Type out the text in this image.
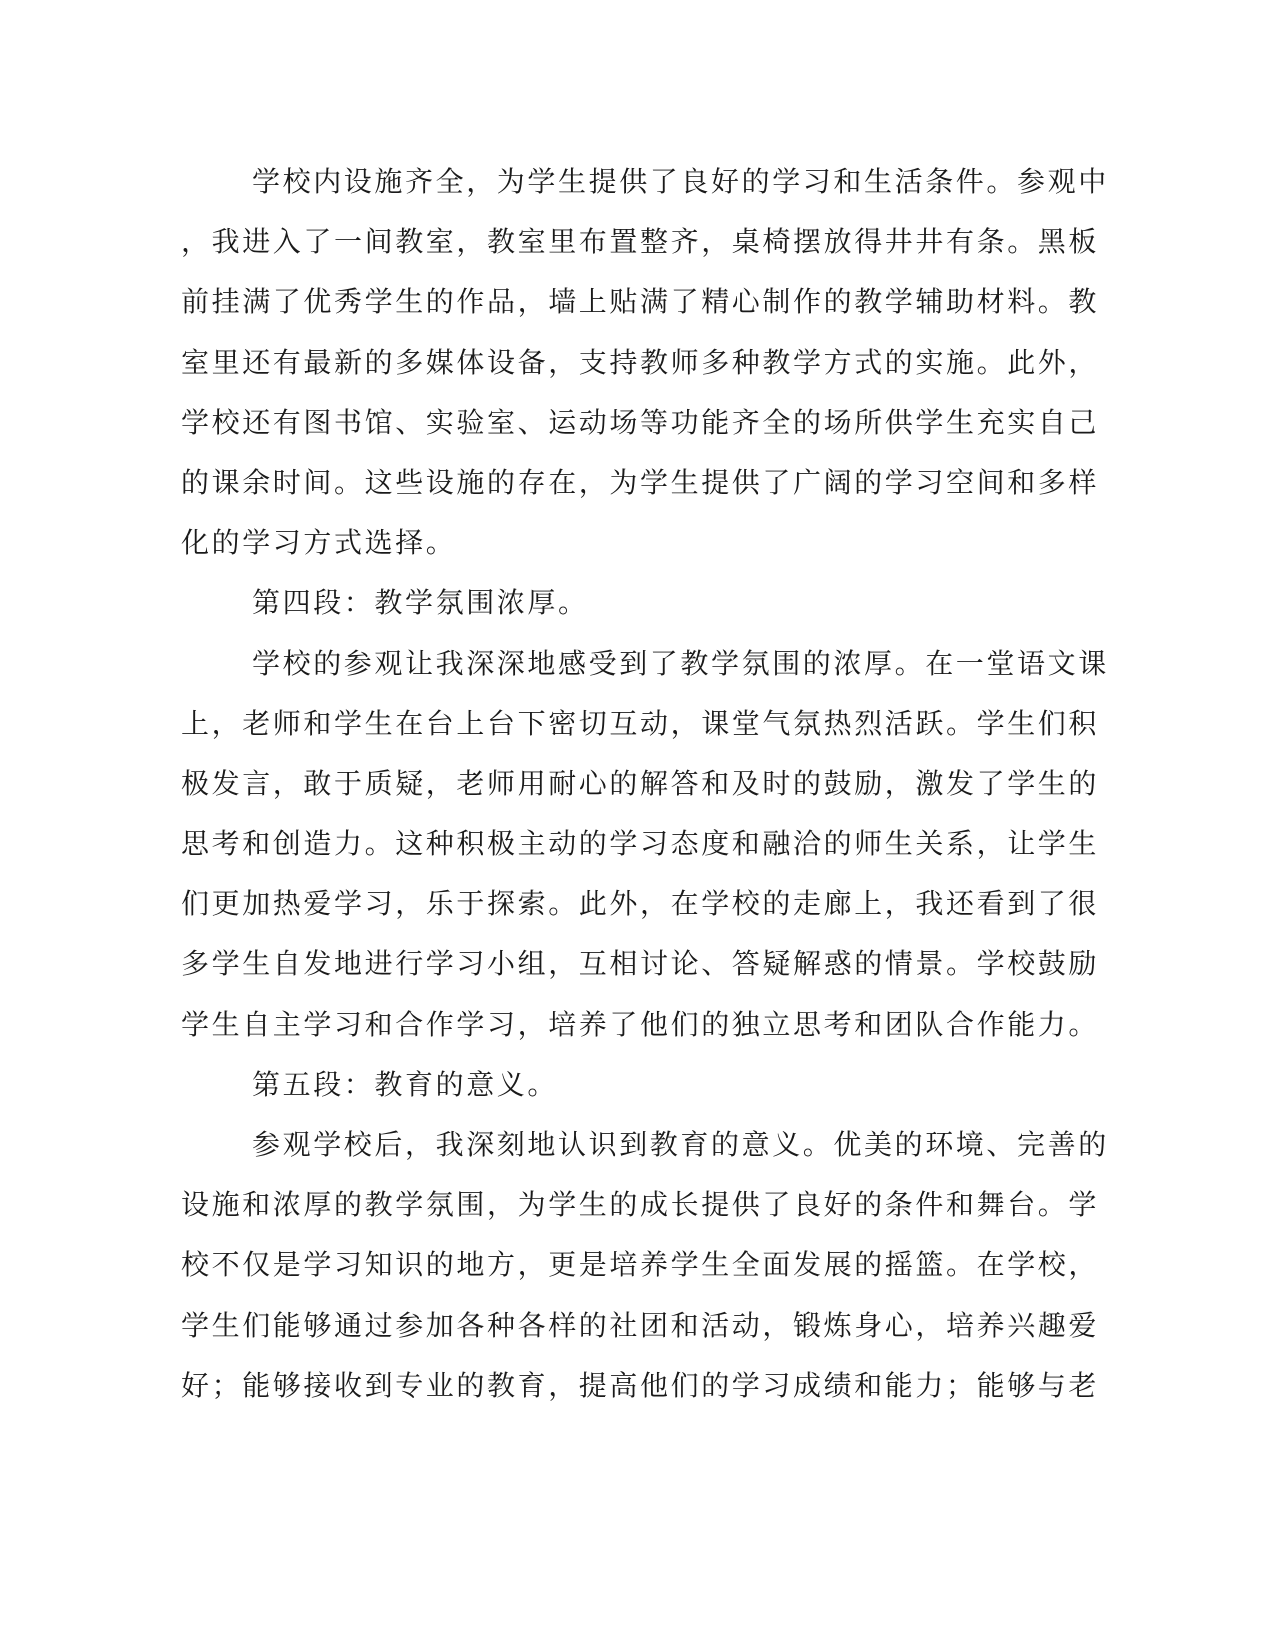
学校内设施齐全，为学生提供了良好的学习和生活条件。参观中
，我进入了一间教室，教室里布置整齐，桌椅摆放得井井有条。黑板
前挂满了优秀学生的作品，墙上贴满了精心制作的教学辅助材料。教
室里还有最新的多媒体设备，支持教师多种教学方式的实施。此外，
学校还有图书馆、实验室、运动场等功能齐全的场所供学生充实自己
的课余时间。这些设施的存在，为学生提供了广阔的学习空间和多样
化的学习方式选择。
第四段：教学氛围浓厚。
学校的参观让我深深地感受到了教学氛围的浓厚。在一堂语文课
上，老师和学生在台上台下密切互动，课堂气氛热烈活跃。学生们积
极发言，敢于质疑，老师用耐心的解答和及时的鼓励，激发了学生的
思考和创造力。这种积极主动的学习态度和融洽的师生关系，让学生
们更加热爱学习，乐于探索。此外，在学校的走廊上，我还看到了很
多学生自发地进行学习小组，互相讨论、答疑解惑的情景。学校鼓励
学生自主学习和合作学习，培养了他们的独立思考和团队合作能力。
第五段：教育的意义。
参观学校后，我深刻地认识到教育的意义。优美的环境、完善的
设施和浓厚的教学氛围，为学生的成长提供了良好的条件和舞台。学
校不仅是学习知识的地方，更是培养学生全面发展的摇篮。在学校，
学生们能够通过参加各种各样的社团和活动，锻炼身心，培养兴趣爱
好；能够接收到专业的教育，提高他们的学习成绩和能力；能够与老
